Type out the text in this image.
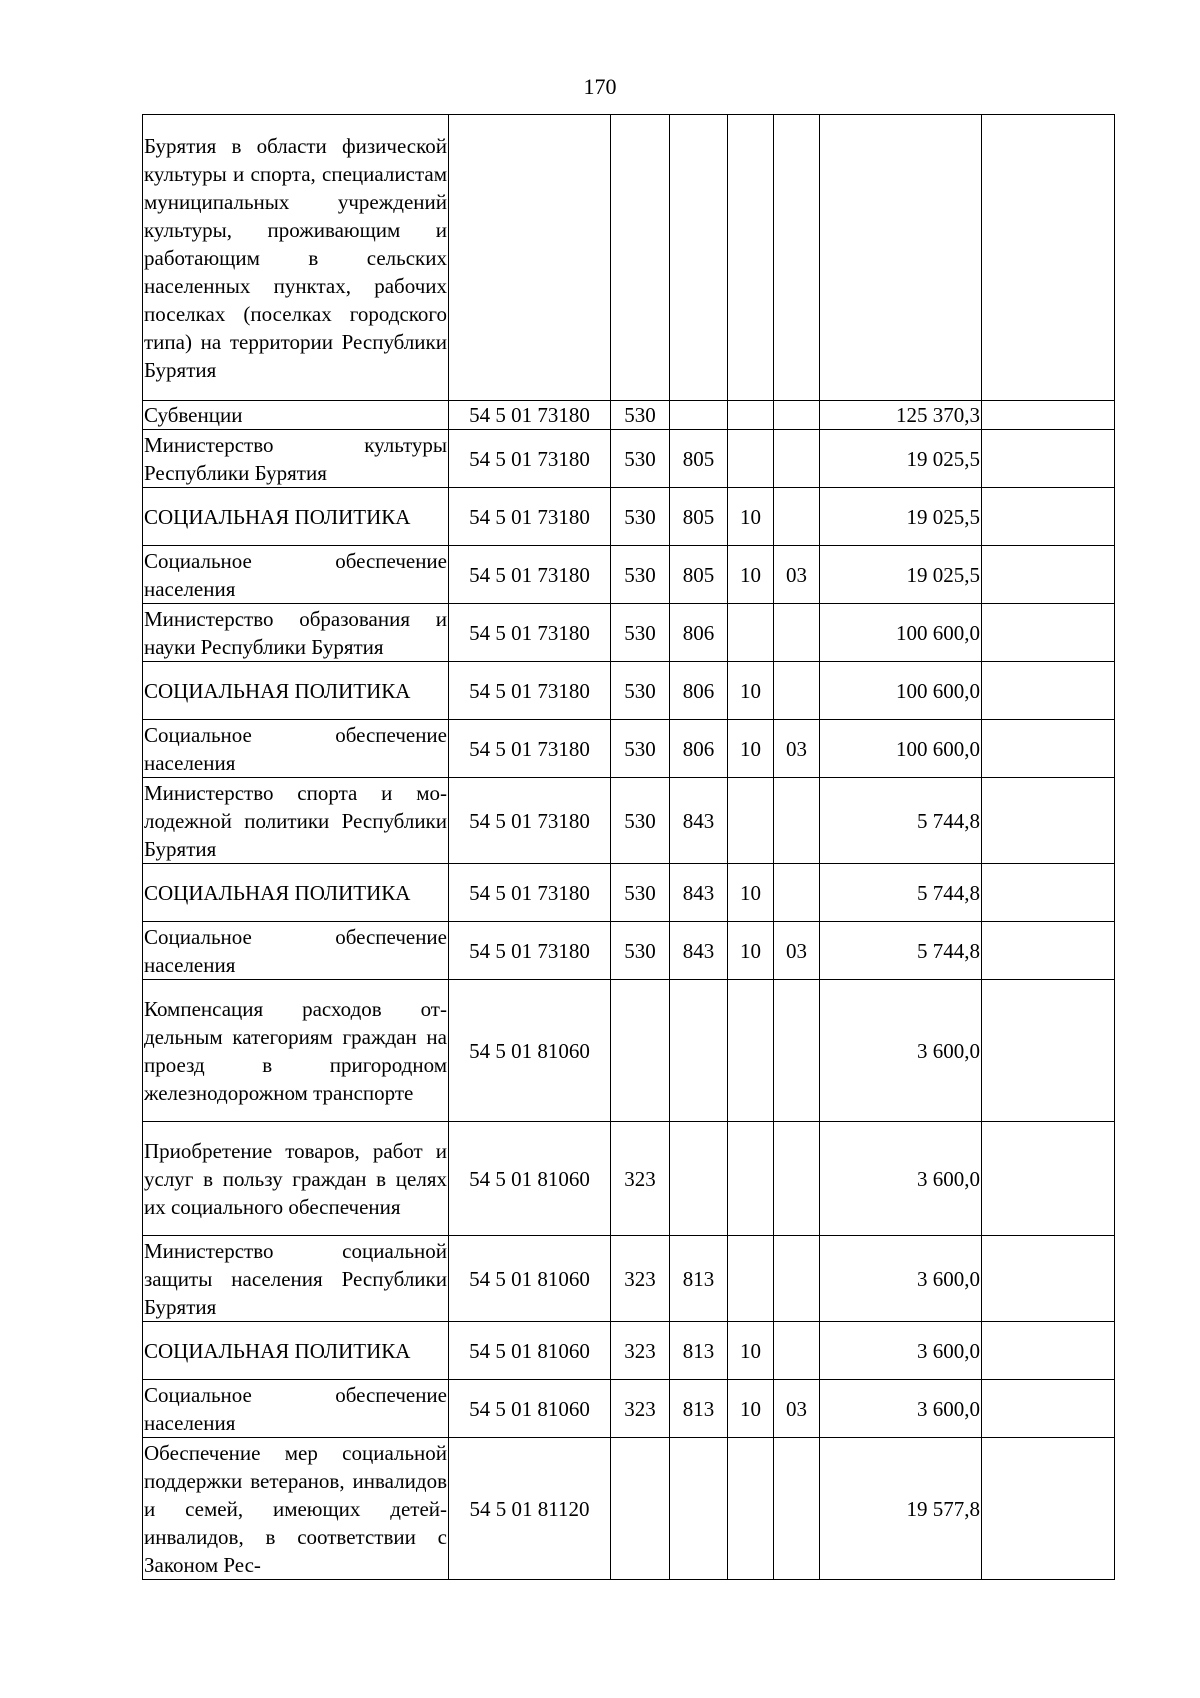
170
Бурятия в области физической культуры и спорта, специалистам муниципальных учреждений культуры, проживающим и работающим в сельских населенных пунктах, рабочих поселках (поселках городского типа) на территории Республики Бурятия							
Субвенции	54 5 01 73180	530				125 370,3	
Министерство культуры Республики Бурятия	54 5 01 73180	530	805			19 025,5	
СОЦИАЛЬНАЯ ПОЛИТИКА	54 5 01 73180	530	805	10		19 025,5	
Социальное обеспечение населения	54 5 01 73180	530	805	10	03	19 025,5	
Министерство образования и науки Республики Бурятия	54 5 01 73180	530	806			100 600,0	
СОЦИАЛЬНАЯ ПОЛИТИКА	54 5 01 73180	530	806	10		100 600,0	
Социальное обеспечение населения	54 5 01 73180	530	806	10	03	100 600,0	
Министерство спорта и молодежной политики Республики Бурятия	54 5 01 73180	530	843			5 744,8	
СОЦИАЛЬНАЯ ПОЛИТИКА	54 5 01 73180	530	843	10		5 744,8	
Социальное обеспечение населения	54 5 01 73180	530	843	10	03	5 744,8	
Компенсация расходов отдельным категориям граждан на проезд в пригородном железнодорожном транспорте	54 5 01 81060					3 600,0	
Приобретение товаров, работ и услуг в пользу граждан в целях их социального обеспечения	54 5 01 81060	323				3 600,0	
Министерство социальной защиты населения Республики Бурятия	54 5 01 81060	323	813			3 600,0	
СОЦИАЛЬНАЯ ПОЛИТИКА	54 5 01 81060	323	813	10		3 600,0	
Социальное обеспечение населения	54 5 01 81060	323	813	10	03	3 600,0	
Обеспечение мер социальной поддержки ветеранов, инвалидов и семей, имеющих детей-инвалидов, в соответствии с Законом Рес-	54 5 01 81120					19 577,8	
